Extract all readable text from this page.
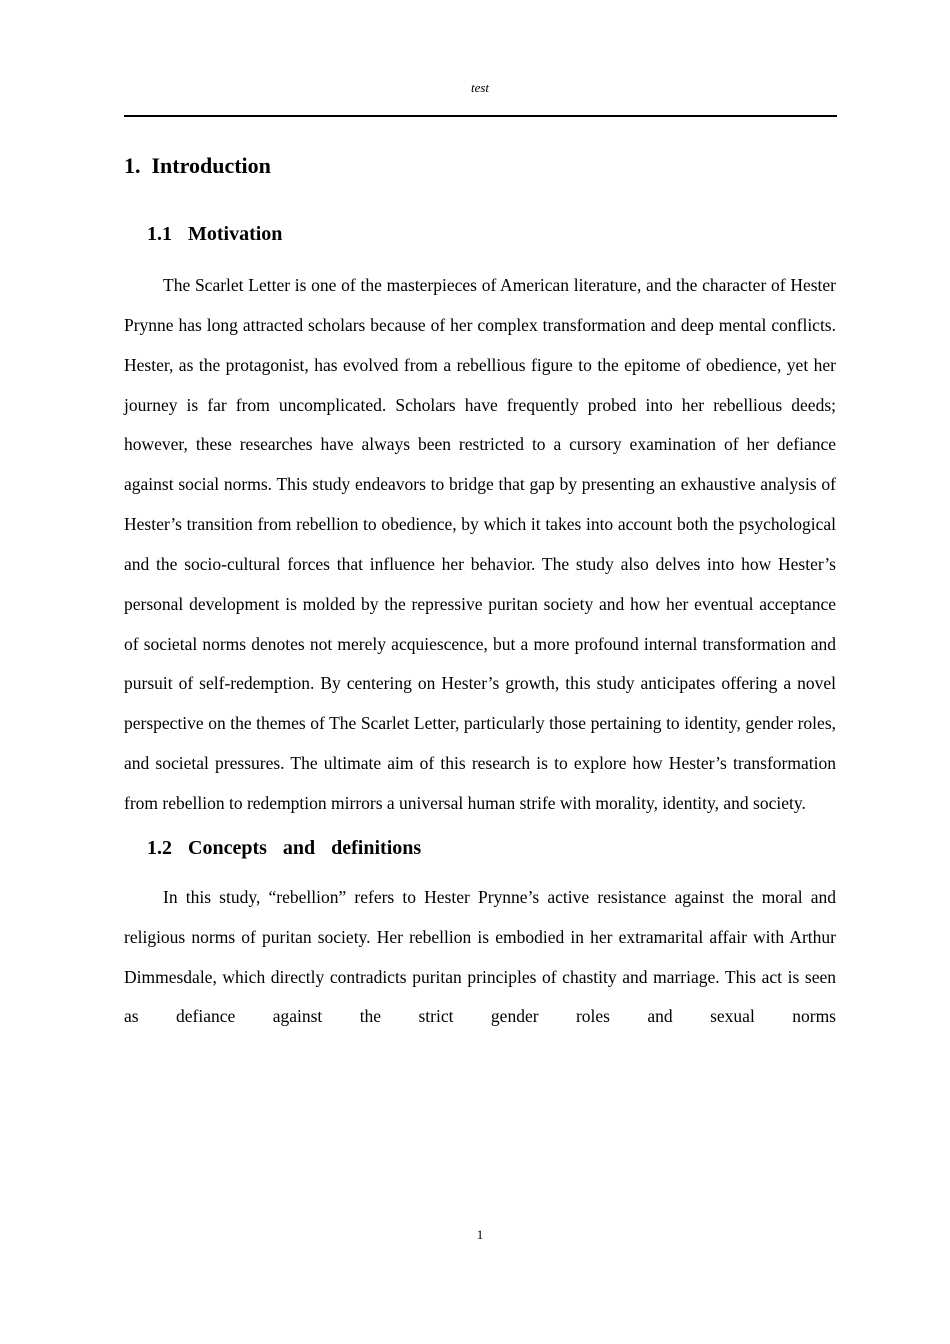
test
1.  Introduction
1.1  Motivation

The Scarlet Letter is one of the masterpieces of American literature, and the character of Hester Prynne has long attracted scholars because of her complex transformation and deep mental conflicts. Hester, as the protagonist, has evolved from a rebellious figure to the epitome of obedience, yet her journey is far from uncomplicated. Scholars have frequently probed into her rebellious deeds; however, these researches have always been restricted to a cursory examination of her defiance against social norms. This study endeavors to bridge that gap by presenting an exhaustive analysis of Hester’s transition from rebellion to obedience, by which it takes into account both the psychological and the socio-cultural forces that influence her behavior. The study also delves into how Hester’s personal development is molded by the repressive puritan society and how her eventual acceptance of societal norms denotes not merely acquiescence, but a more profound internal transformation and pursuit of self-redemption. By centering on Hester’s growth, this study anticipates offering a novel perspective on the themes of The Scarlet Letter, particularly those pertaining to identity, gender roles, and societal pressures. The ultimate aim of this research is to explore how Hester’s transformation from rebellion to redemption mirrors a universal human strife with morality, identity, and society.

1.2  Concepts  and  definitions

In this study, “rebellion” refers to Hester Prynne’s active resistance against the moral and religious norms of puritan society. Her rebellion is embodied in her extramarital affair with Arthur Dimmesdale, which directly contradicts puritan principles of chastity and marriage. This act is seen as defiance against the strict gender roles and sexual norms

1
